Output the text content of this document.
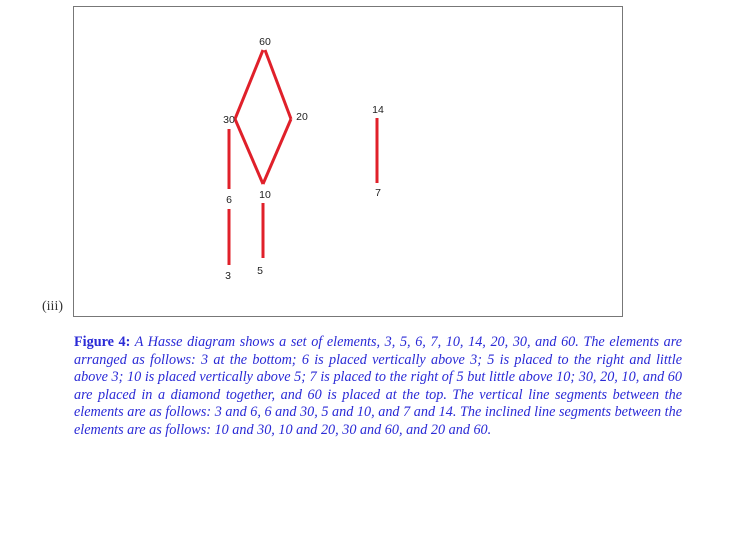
(iii)
60
30	20
14
10	7
6
5
3
Figure 4: A Hasse diagram shows a set of elements, 3, 5, 6, 7, 10, 14, 20, 30, and 60. The elements are arranged as follows: 3 at the bottom; 6 is placed vertically above 3; 5 is placed to the right and little above 3; 10 is placed vertically above 5; 7 is placed to the right of 5 but little above 10; 30, 20, 10, and 60 are placed in a diamond together, and 60 is placed at the top. The vertical line segments between the elements are as follows: 3 and 6, 6 and 30, 5 and 10, and 7 and 14. The inclined line segments between the elements are as follows: 10 and 30, 10 and 20, 30 and 60, and 20 and 60.
